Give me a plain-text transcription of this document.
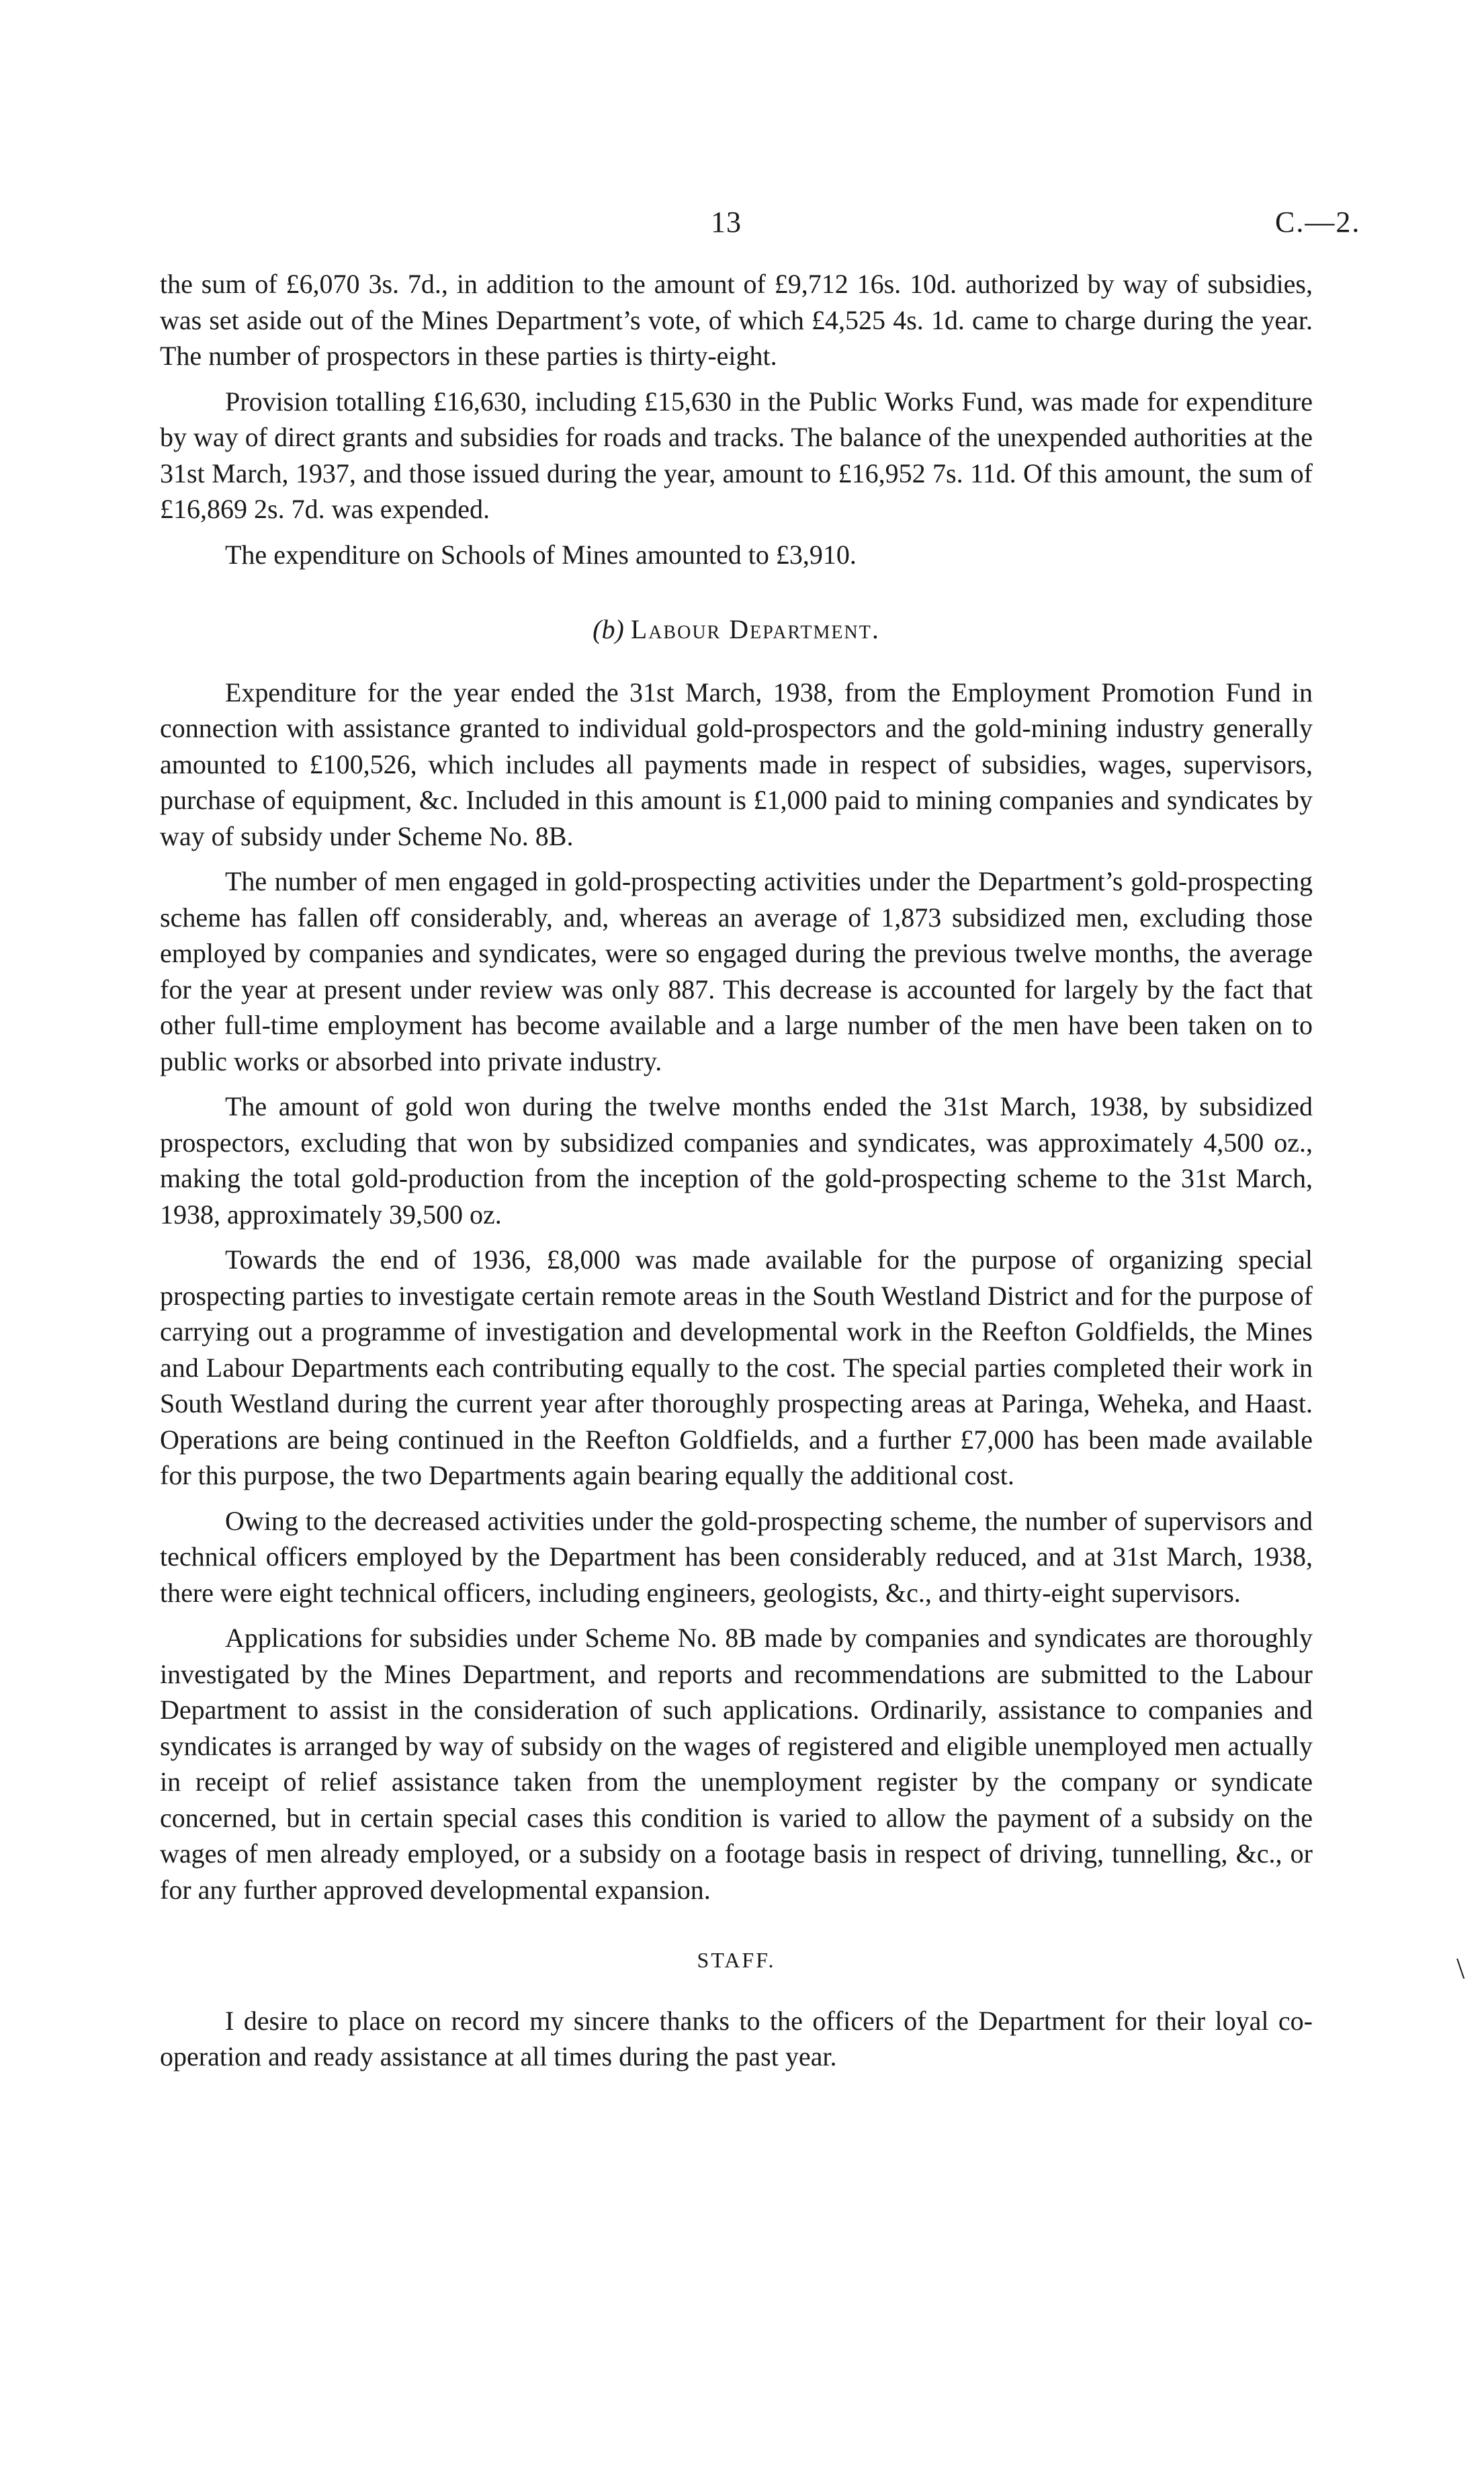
13	C.—2.

the sum of £6,070 3s. 7d., in addition to the amount of £9,712 16s. 10d. authorized by way of subsidies, was set aside out of the Mines Department’s vote, of which £4,525 4s. 1d. came to charge during the year. The number of prospectors in these parties is thirty-eight.

Provision totalling £16,630, including £15,630 in the Public Works Fund, was made for expenditure by way of direct grants and subsidies for roads and tracks. The balance of the unexpended authorities at the 31st March, 1937, and those issued during the year, amount to £16,952 7s. 11d. Of this amount, the sum of £16,869 2s. 7d. was expended.

The expenditure on Schools of Mines amounted to £3,910.

(b) Labour Department.

Expenditure for the year ended the 31st March, 1938, from the Employment Promotion Fund in connection with assistance granted to individual gold-prospectors and the gold-mining industry generally amounted to £100,526, which includes all payments made in respect of subsidies, wages, supervisors, purchase of equipment, &c. Included in this amount is £1,000 paid to mining companies and syndicates by way of subsidy under Scheme No. 8B.

The number of men engaged in gold-prospecting activities under the Department’s gold-prospecting scheme has fallen off considerably, and, whereas an average of 1,873 subsidized men, excluding those employed by companies and syndicates, were so engaged during the previous twelve months, the average for the year at present under review was only 887. This decrease is accounted for largely by the fact that other full-time employment has become available and a large number of the men have been taken on to public works or absorbed into private industry.

The amount of gold won during the twelve months ended the 31st March, 1938, by subsidized prospectors, excluding that won by subsidized companies and syndicates, was approximately 4,500 oz., making the total gold-production from the inception of the gold-prospecting scheme to the 31st March, 1938, approximately 39,500 oz.

Towards the end of 1936, £8,000 was made available for the purpose of organizing special prospecting parties to investigate certain remote areas in the South Westland District and for the purpose of carrying out a programme of investigation and developmental work in the Reefton Goldfields, the Mines and Labour Departments each contributing equally to the cost. The special parties completed their work in South Westland during the current year after thoroughly prospecting areas at Paringa, Weheka, and Haast. Operations are being continued in the Reefton Goldfields, and a further £7,000 has been made available for this purpose, the two Departments again bearing equally the additional cost.

Owing to the decreased activities under the gold-prospecting scheme, the number of supervisors and technical officers employed by the Department has been considerably reduced, and at 31st March, 1938, there were eight technical officers, including engineers, geologists, &c., and thirty-eight supervisors.

Applications for subsidies under Scheme No. 8B made by companies and syndicates are thoroughly investigated by the Mines Department, and reports and recommendations are submitted to the Labour Department to assist in the consideration of such applications. Ordinarily, assistance to companies and syndicates is arranged by way of subsidy on the wages of registered and eligible unemployed men actually in receipt of relief assistance taken from the unemployment register by the company or syndicate concerned, but in certain special cases this condition is varied to allow the payment of a subsidy on the wages of men already employed, or a subsidy on a footage basis in respect of driving, tunnelling, &c., or for any further approved developmental expansion.

STAFF.

I desire to place on record my sincere thanks to the officers of the Department for their loyal co-operation and ready assistance at all times during the past year.

\
